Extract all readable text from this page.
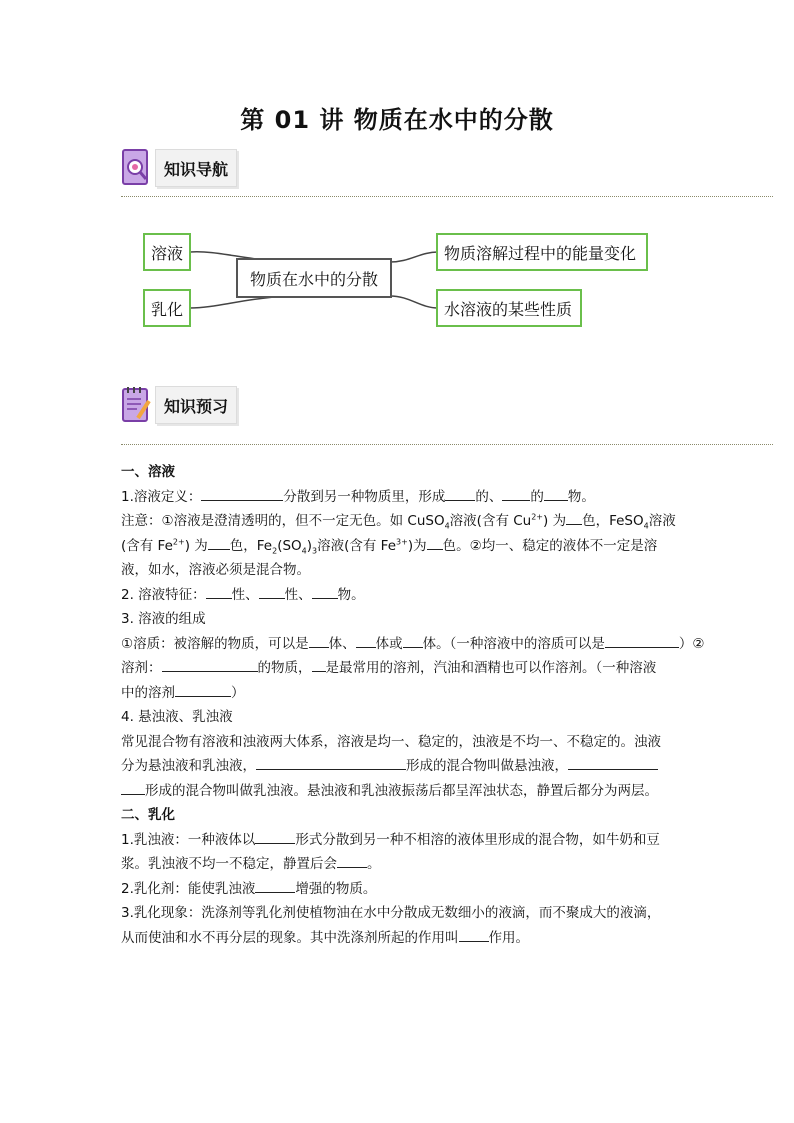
第 01 讲 物质在水中的分散
知识导航
溶液
乳化
物质在水中的分散
物质溶解过程中的能量变化
水溶液的某些性质
知识预习

一、溶液

1.溶液定义：	分散到另一种物质里，形成 的、 的 物。

注意：①溶液是澄清透明的，但不一定无色。如 CuSO$_4$溶液(含有 $Cu^{2+}$) 为 色，FeSO$_4$溶液
(含有 $Fe^{2+}$) 为 色，$Fe_2(SO_4)_3$溶液(含有 $Fe^{3+}$)为 色。②均一、稳定的液体不一定是溶
液，如水，溶液必须是混合物。

2. 溶液特征： 性、 性、 物。

3. 溶液的组成

①溶质：被溶解的物质，可以是 体、 体或 体。（一种溶液中的溶质可以是	）②
溶剂：	的物质， 是最常用的溶剂，汽油和酒精也可以作溶剂。（一种溶液
中的溶剂	）

4. 悬浊液、乳浊液

常见混合物有溶液和浊液两大体系，溶液是均一、稳定的，浊液是不均一、不稳定的。浊液
分为悬浊液和乳浊液，	形成的混合物叫做悬浊液，
形成的混合物叫做乳浊液。悬浊液和乳浊液振荡后都呈浑浊状态，静置后都分为两层。

二、乳化

1.乳浊液：一种液体以	形式分散到另一种不相溶的液体里形成的混合物，如牛奶和豆
浆。乳浊液不均一不稳定，静置后会 。

2.乳化剂：能使乳浊液	增强的物质。

3.乳化现象：洗涤剂等乳化剂使植物油在水中分散成无数细小的液滴，而不聚成大的液滴，
从而使油和水不再分层的现象。其中洗涤剂所起的作用叫 作用。
